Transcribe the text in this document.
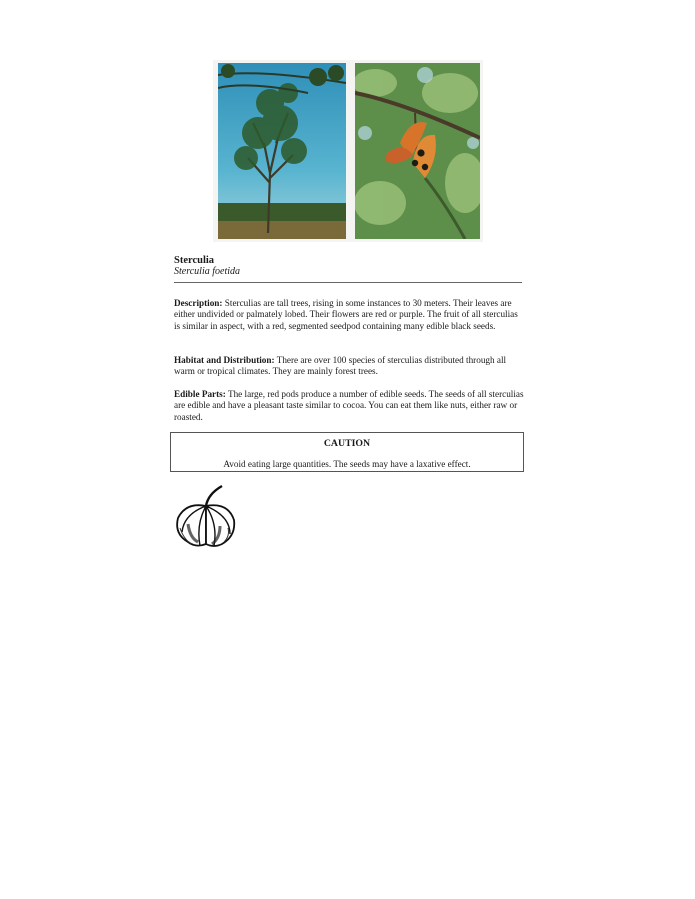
Sterculia
Sterculia foetida

Description: Sterculias are tall trees, rising in some instances to 30 meters. Their leaves are either undivided or palmately lobed. Their flowers are red or purple. The fruit of all sterculias is similar in aspect, with a red, segmented seedpod containing many edible black seeds.

Habitat and Distribution: There are over 100 species of sterculias distributed through all warm or tropical climates. They are mainly forest trees.

Edible Parts: The large, red pods produce a number of edible seeds. The seeds of all sterculias are edible and have a pleasant taste similar to cocoa. You can eat them like nuts, either raw or roasted.

CAUTION
Avoid eating large quantities. The seeds may have a laxative effect.
